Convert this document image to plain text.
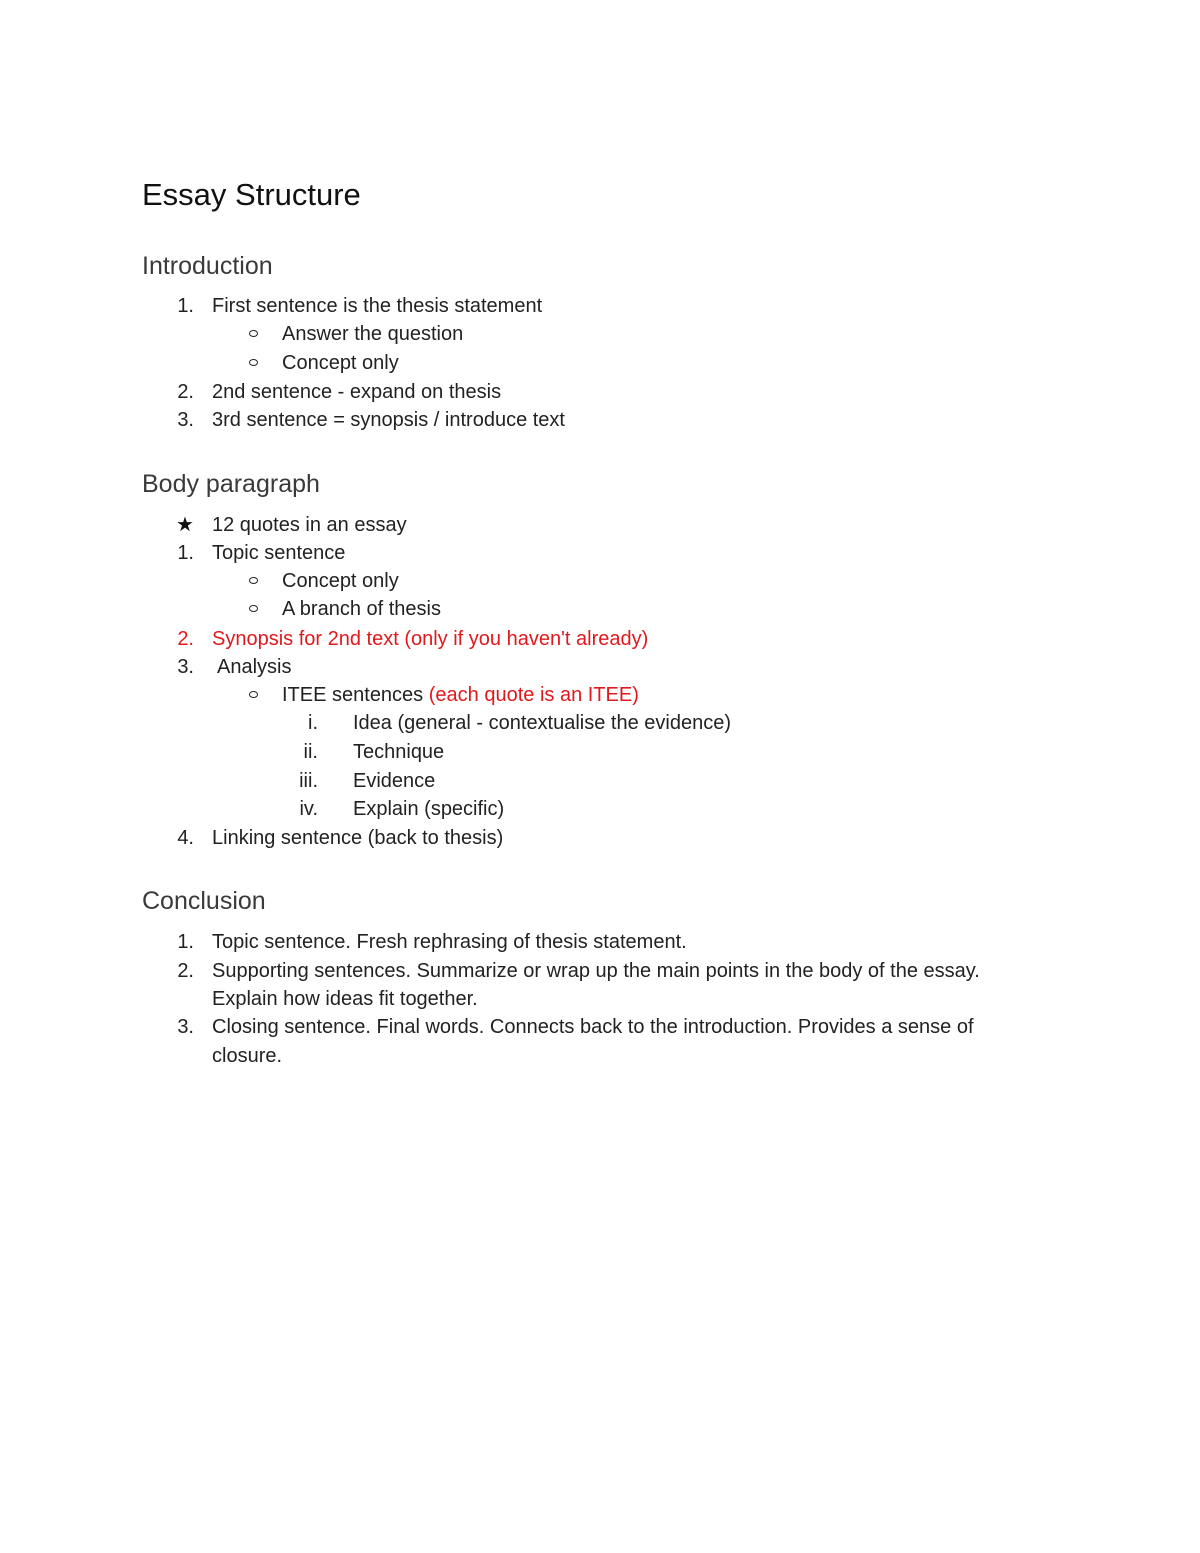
Essay Structure
Introduction
1. First sentence is the thesis statement
Answer the question
Concept only
2. 2nd sentence - expand on thesis
3. 3rd sentence = synopsis / introduce text
Body paragraph
★ 12 quotes in an essay
1. Topic sentence
Concept only
A branch of thesis
2. Synopsis for 2nd text (only if you haven't already)
3. Analysis
ITEE sentences (each quote is an ITEE)
i. Idea (general - contextualise the evidence)
ii. Technique
iii. Evidence
iv. Explain (specific)
4. Linking sentence (back to thesis)
Conclusion
1. Topic sentence. Fresh rephrasing of thesis statement.
2. Supporting sentences. Summarize or wrap up the main points in the body of the essay.
Explain how ideas fit together.
3. Closing sentence. Final words. Connects back to the introduction. Provides a sense of
closure.
